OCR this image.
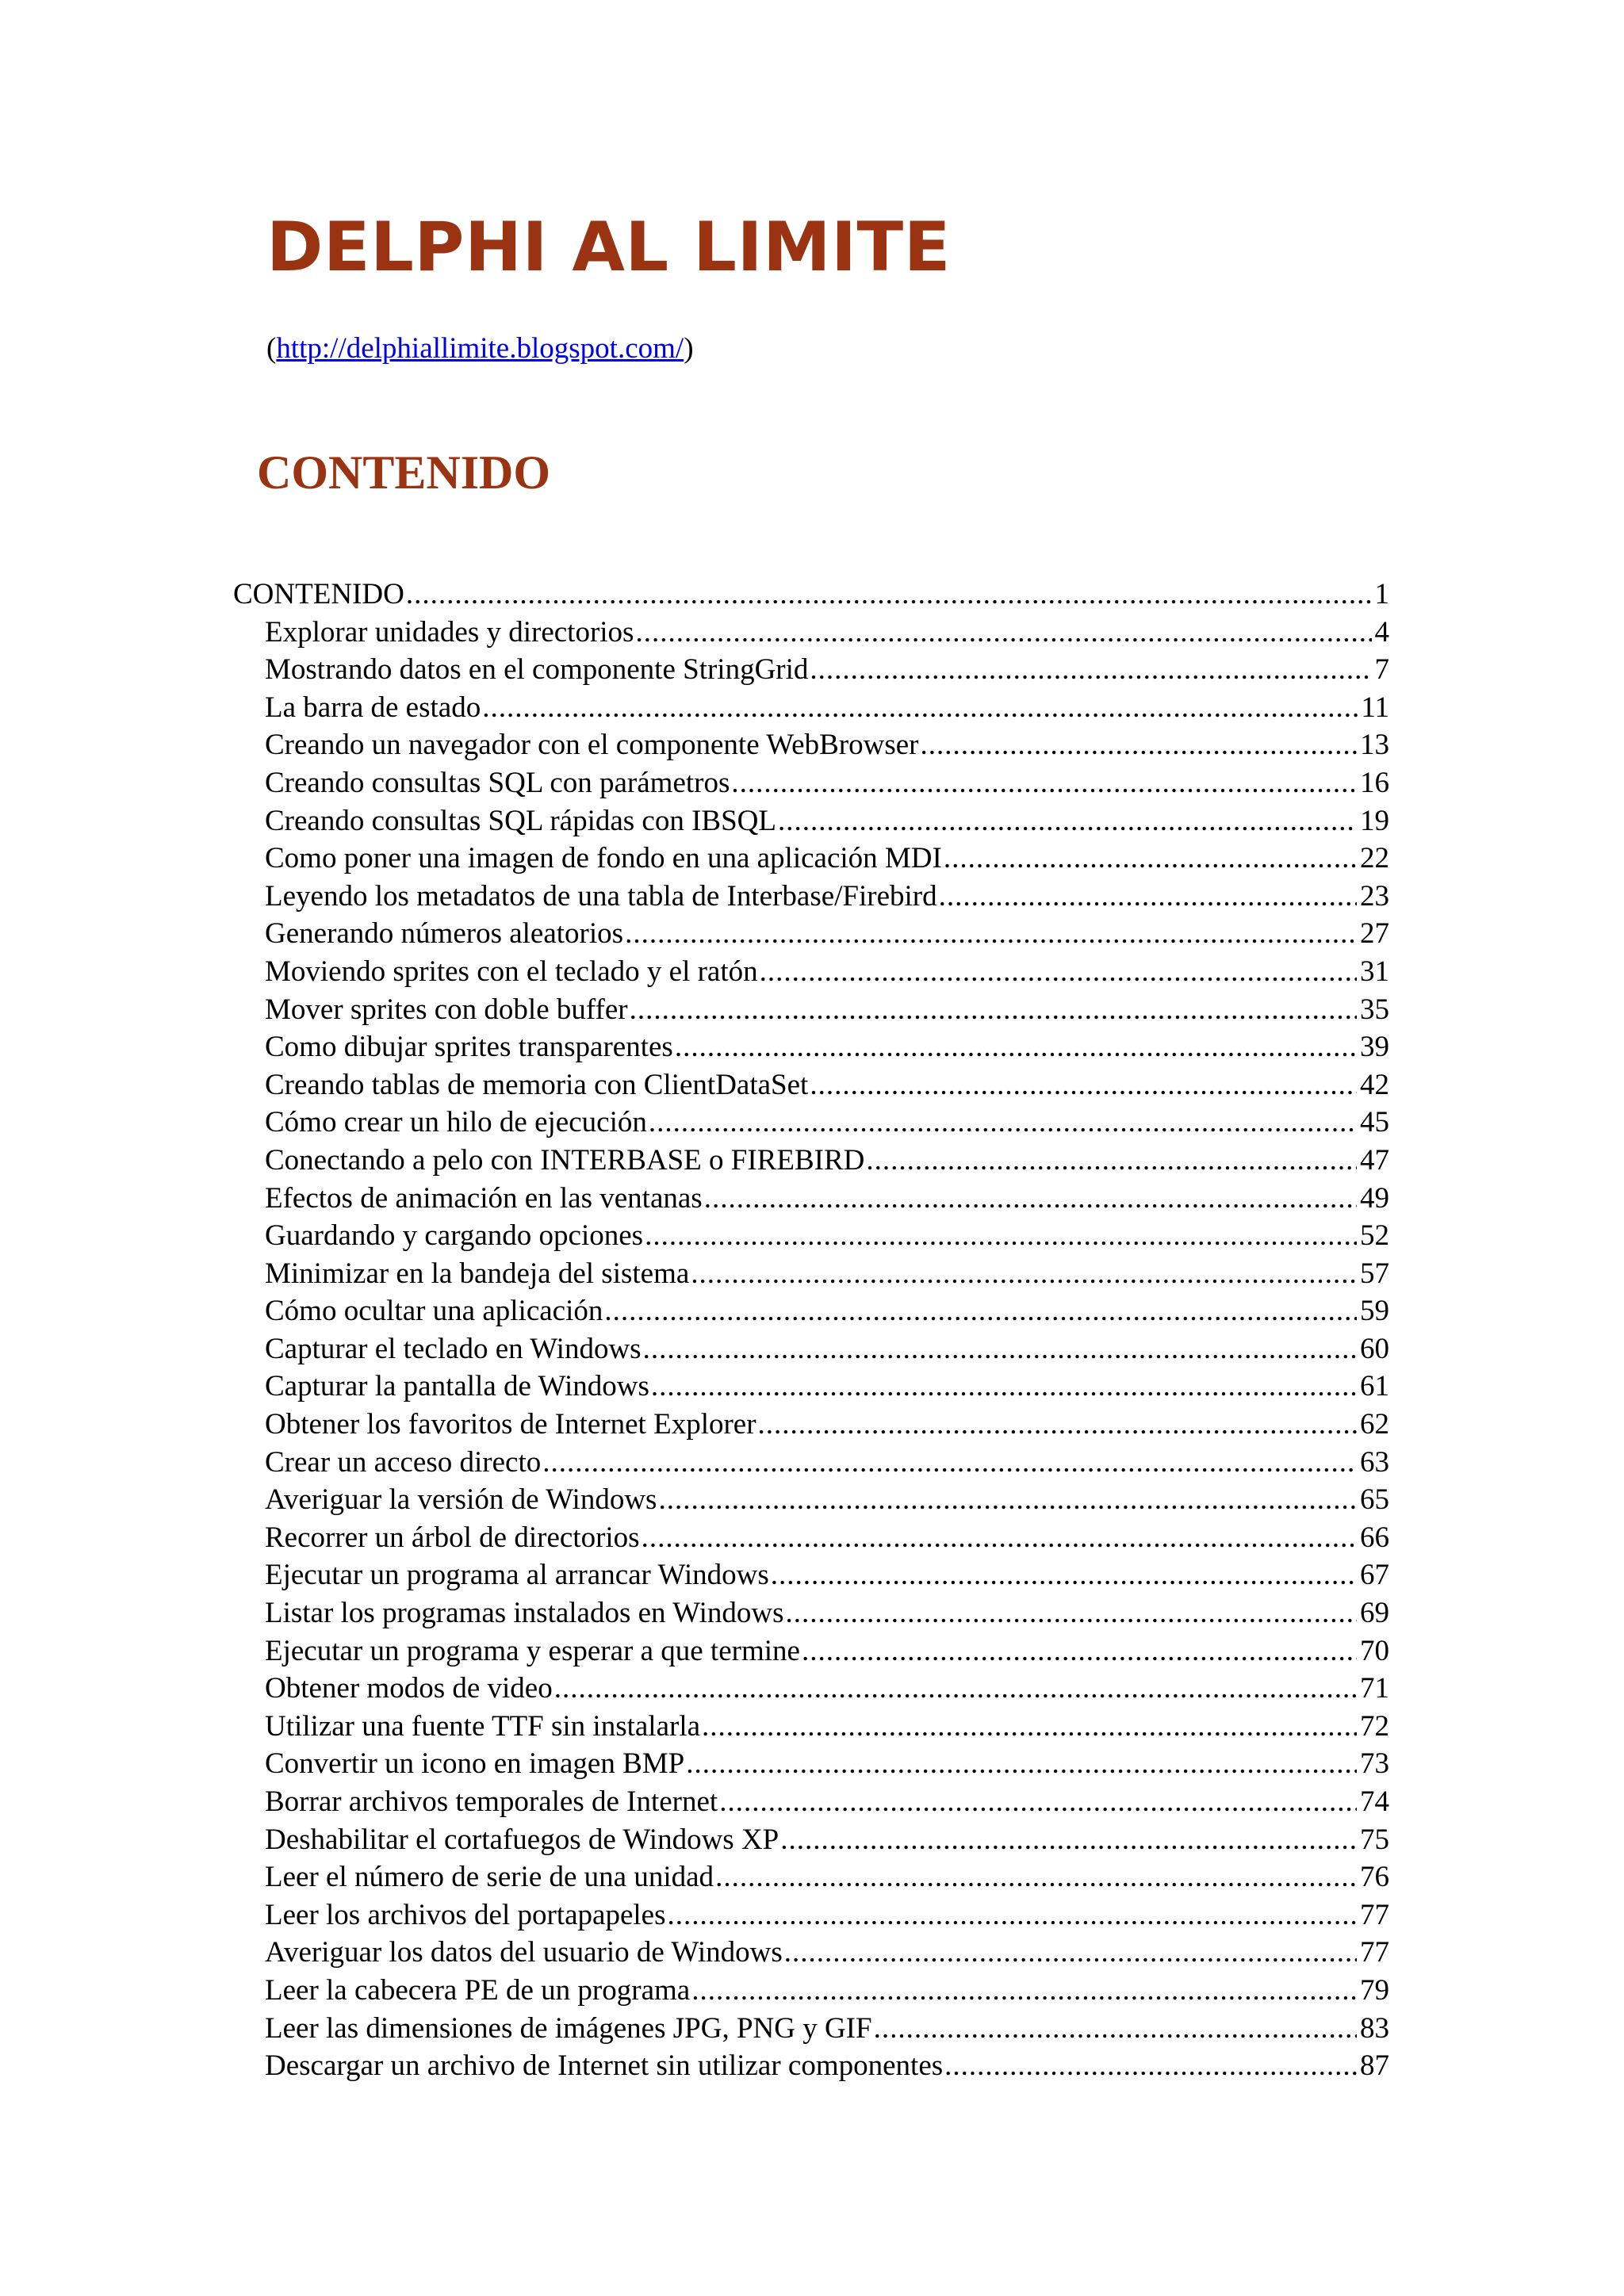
DELPHI AL LIMITE
(http://delphiallimite.blogspot.com/)
CONTENIDO
CONTENIDO .....	1
Explorar unidades y directorios .....	4
Mostrando datos en el componente StringGrid .....	7
La barra de estado .....	11
Creando un navegador con el componente WebBrowser .....	13
Creando consultas SQL con parámetros .....	16
Creando consultas SQL rápidas con IBSQL .....	19
Como poner una imagen de fondo en una aplicación MDI .....	22
Leyendo los metadatos de una tabla de Interbase/Firebird .....	23
Generando números aleatorios .....	27
Moviendo sprites con el teclado y el ratón .....	31
Mover sprites con doble buffer .....	35
Como dibujar sprites transparentes .....	39
Creando tablas de memoria con ClientDataSet .....	42
Cómo crear un hilo de ejecución .....	45
Conectando a pelo con INTERBASE o FIREBIRD .....	47
Efectos de animación en las ventanas .....	49
Guardando y cargando opciones .....	52
Minimizar en la bandeja del sistema .....	57
Cómo ocultar una aplicación .....	59
Capturar el teclado en Windows .....	60
Capturar la pantalla de Windows .....	61
Obtener los favoritos de Internet Explorer .....	62
Crear un acceso directo .....	63
Averiguar la versión de Windows .....	65
Recorrer un árbol de directorios .....	66
Ejecutar un programa al arrancar Windows .....	67
Listar los programas instalados en Windows .....	69
Ejecutar un programa y esperar a que termine .....	70
Obtener modos de video .....	71
Utilizar una fuente TTF sin instalarla .....	72
Convertir un icono en imagen BMP .....	73
Borrar archivos temporales de Internet .....	74
Deshabilitar el cortafuegos de Windows XP .....	75
Leer el número de serie de una unidad .....	76
Leer los archivos del portapapeles .....	77
Averiguar los datos del usuario de Windows .....	77
Leer la cabecera PE de un programa .....	79
Leer las dimensiones de imágenes JPG, PNG y GIF .....	83
Descargar un archivo de Internet sin utilizar componentes .....	87
